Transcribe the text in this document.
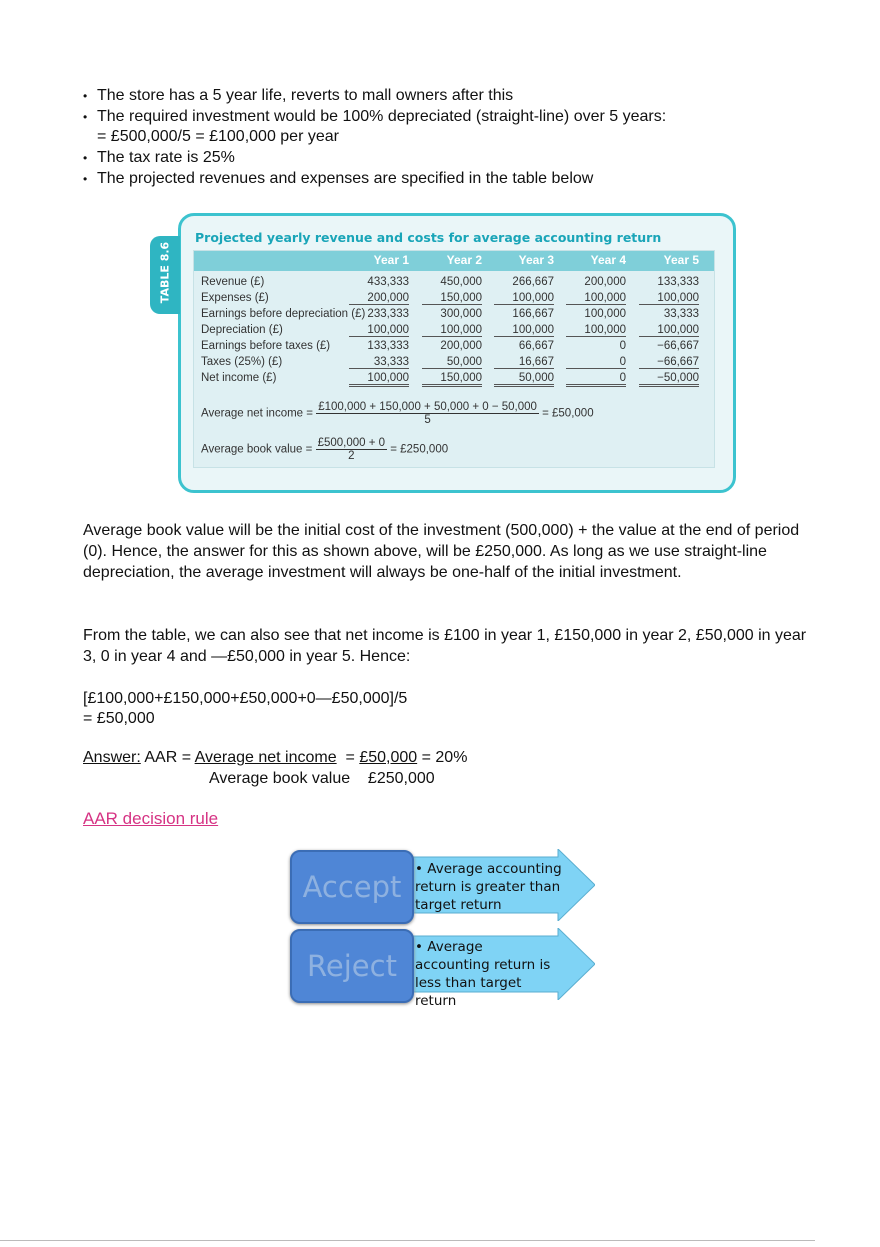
• The store has a 5 year life, reverts to mall owners after this
• The required investment would be 100% depreciated (straight-line) over 5 years:
= £500,000/5 = £100,000 per year
• The tax rate is 25%
• The projected revenues and expenses are specified in the table below
TABLE 8.6
Projected yearly revenue and costs for average accounting return
Year 1	Year 2	Year 3	Year 4	Year 5
Revenue (£)	433,333	450,000	266,667	200,000	133,333
Expenses (£)	200,000	150,000	100,000	100,000	100,000
Earnings before depreciation (£) 233,333	300,000	166,667	100,000	33,333
Depreciation (£)	100,000	100,000	100,000	100,000	100,000
Earnings before taxes (£)	133,333	200,000	66,667	0	−66,667
Taxes (25%) (£)	33,333	50,000	16,667	0	−66,667
Net income (£)	100,000	150,000	50,000	0	−50,000
Average net income = $\frac{£100,000 + 150,000 + 50,000 + 0 - 50,000}{5}$ = £50,000
Average book value = $\frac{£500,000 + 0}{2}$ = £250,000
Average book value will be the initial cost of the investment (500,000) + the value at the end of period (0). Hence, the answer for this as shown above, will be £250,000. As long as we use straight-line depreciation, the average investment will always be one-half of the initial investment.
From the table, we can also see that net income is £100 in year 1, £150,000 in year 2, £50,000 in year 3, 0 in year 4 and —£50,000 in year 5. Hence:
[£100,000+£150,000+£50,000+0—£50,000]/5
= £50,000
Answer: AAR = Average net income  = £50,000 = 20%
Average book value £250,000
AAR decision rule
Accept
• Average accounting return is greater than target return
Reject
• Average accounting return is less than target return
